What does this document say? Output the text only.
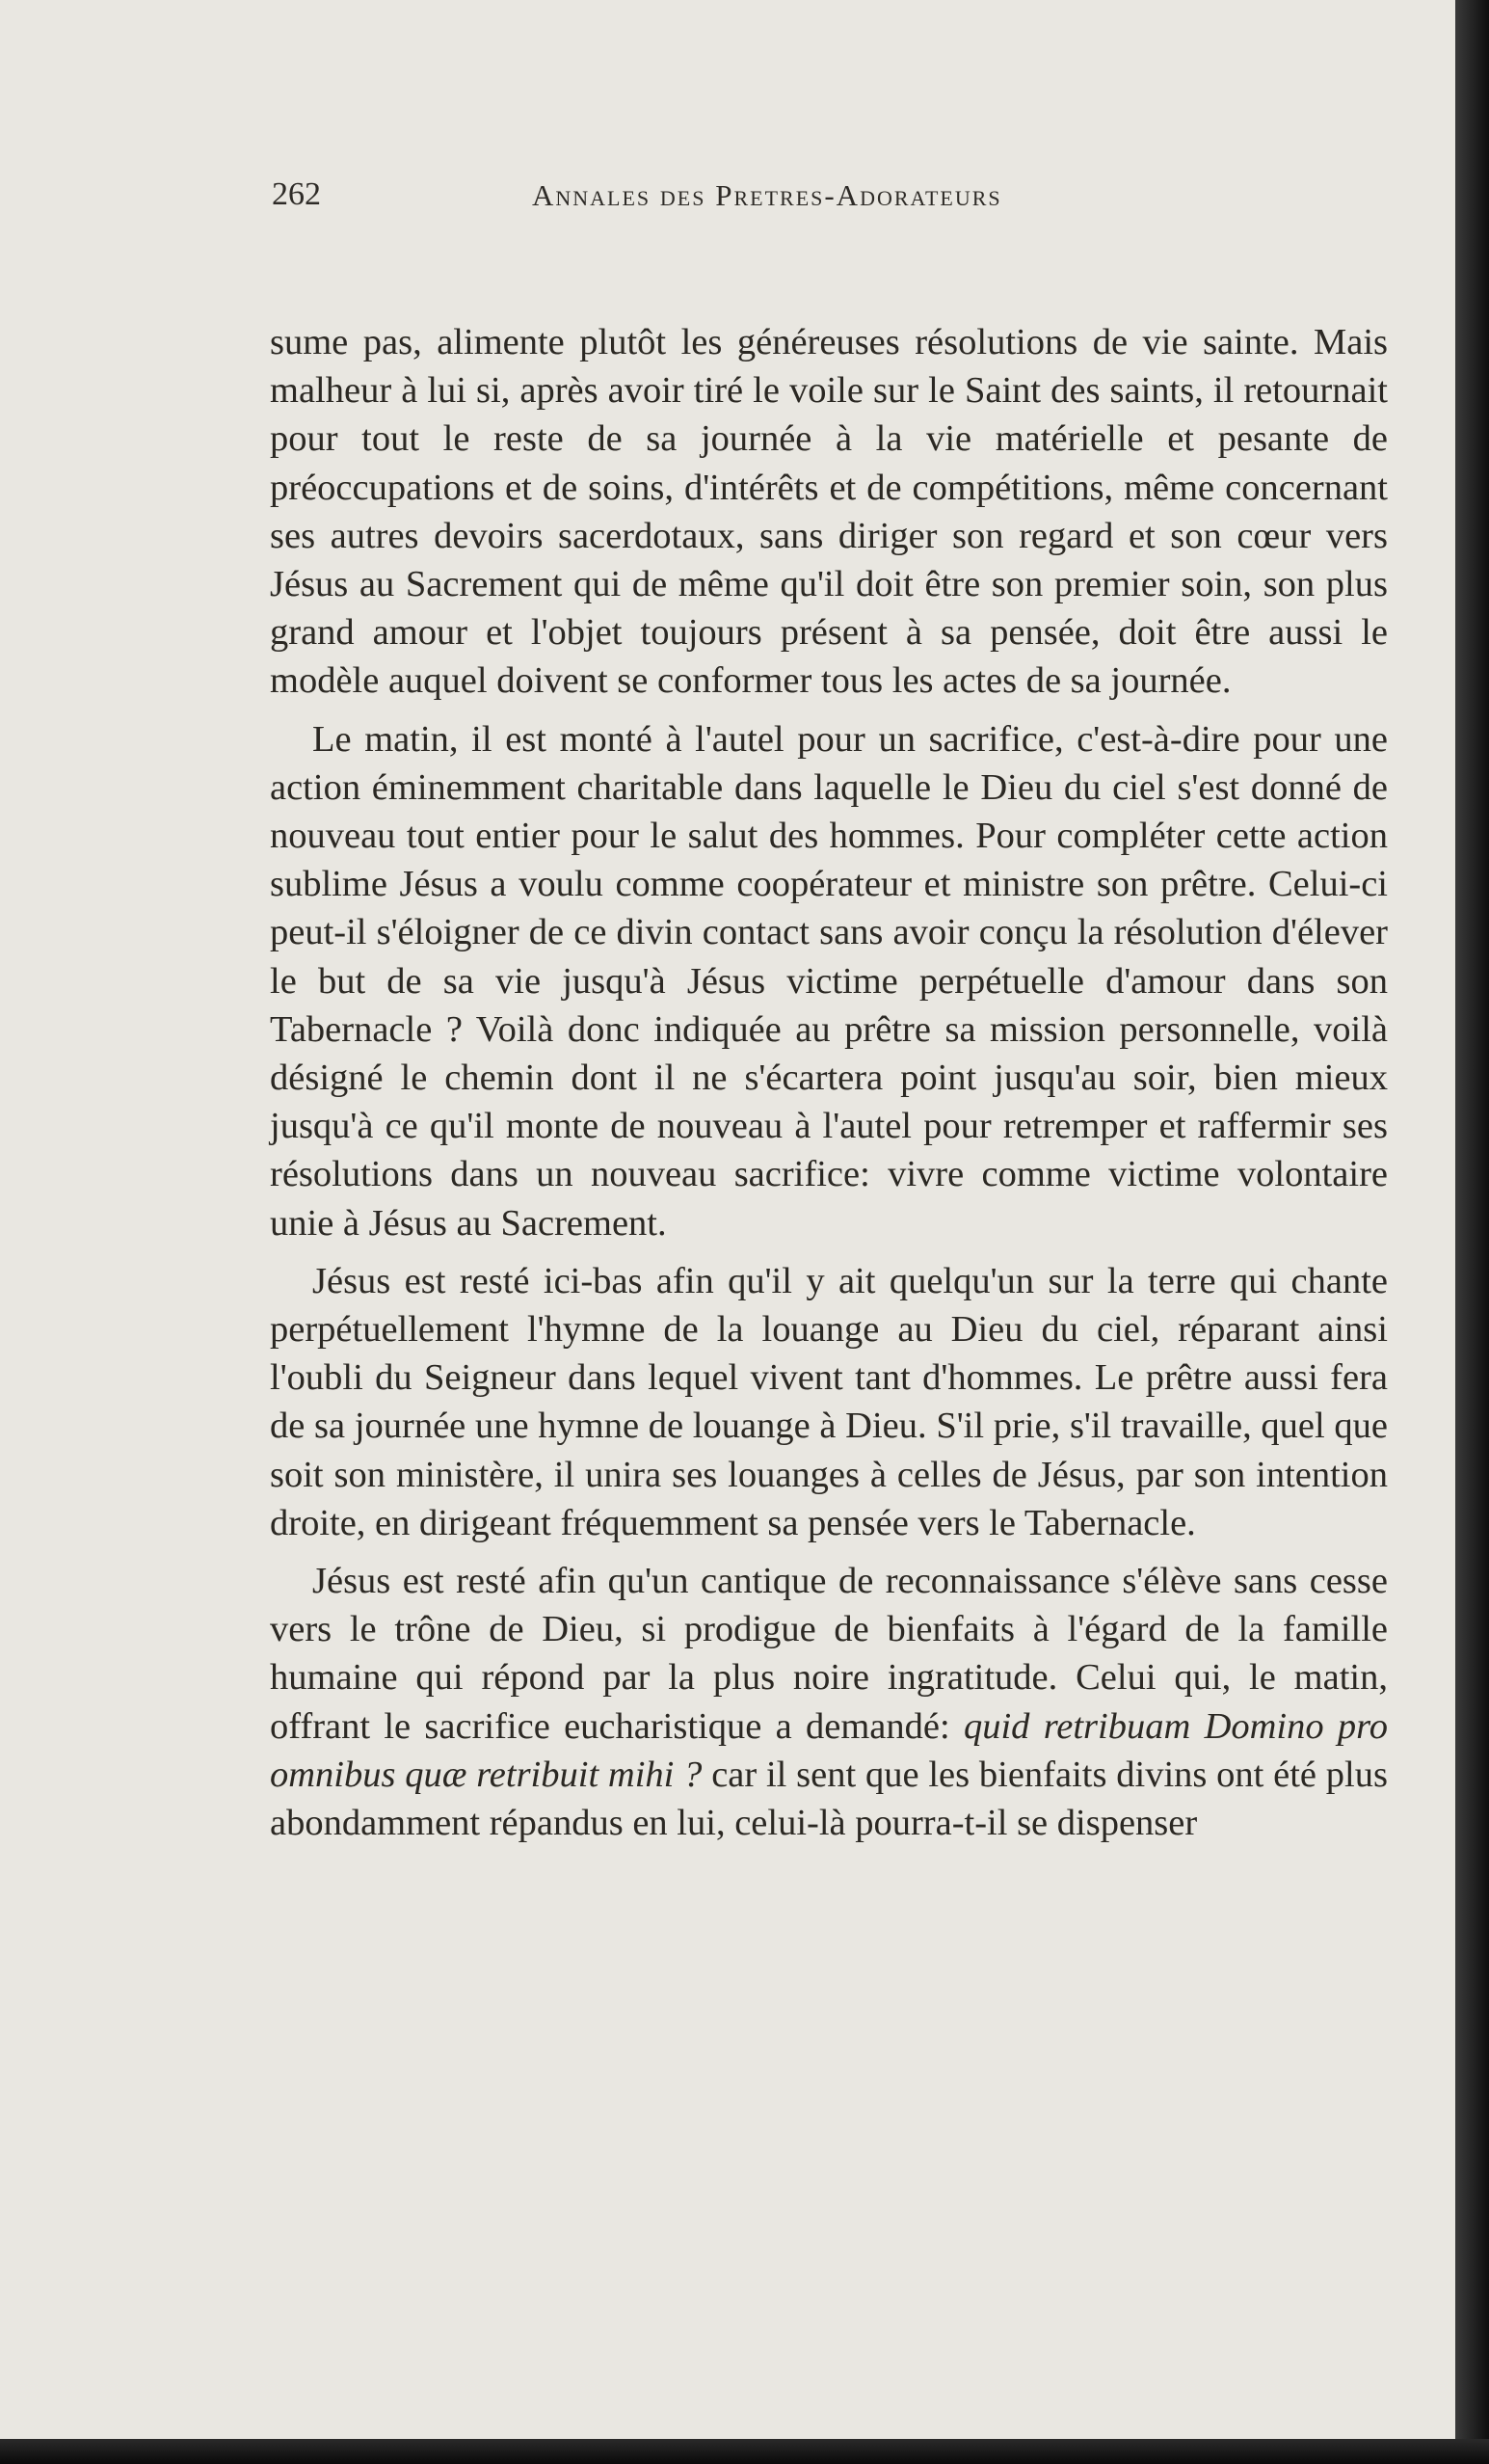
262	Annales des Pretres-Adorateurs

sume pas, alimente plutôt les généreuses résolutions de vie sainte. Mais malheur à lui si, après avoir tiré le voile sur le Saint des saints, il retournait pour tout le reste de sa journée à la vie matérielle et pesante de préoccupations et de soins, d'intérêts et de compétitions, même concernant ses autres devoirs sacerdotaux, sans diriger son regard et son cœur vers Jésus au Sacrement qui de même qu'il doit être son premier soin, son plus grand amour et l'objet toujours présent à sa pensée, doit être aussi le modèle auquel doivent se conformer tous les actes de sa journée.

Le matin, il est monté à l'autel pour un sacrifice, c'est-à-dire pour une action éminemment charitable dans laquelle le Dieu du ciel s'est donné de nouveau tout entier pour le salut des hommes. Pour compléter cette action sublime Jésus a voulu comme coopérateur et ministre son prêtre. Celui-ci peut-il s'éloigner de ce divin contact sans avoir conçu la résolution d'élever le but de sa vie jusqu'à Jésus victime perpétuelle d'amour dans son Tabernacle ? Voilà donc indiquée au prêtre sa mission personnelle, voilà désigné le chemin dont il ne s'écartera point jusqu'au soir, bien mieux jusqu'à ce qu'il monte de nouveau à l'autel pour retremper et raffermir ses résolutions dans un nouveau sacrifice: vivre comme victime volontaire unie à Jésus au Sacrement.

Jésus est resté ici-bas afin qu'il y ait quelqu'un sur la terre qui chante perpétuellement l'hymne de la louange au Dieu du ciel, réparant ainsi l'oubli du Seigneur dans lequel vivent tant d'hommes. Le prêtre aussi fera de sa journée une hymne de louange à Dieu. S'il prie, s'il travaille, quel que soit son ministère, il unira ses louanges à celles de Jésus, par son intention droite, en dirigeant fréquemment sa pensée vers le Tabernacle.

Jésus est resté afin qu'un cantique de reconnaissance s'élève sans cesse vers le trône de Dieu, si prodigue de bienfaits à l'égard de la famille humaine qui répond par la plus noire ingratitude. Celui qui, le matin, offrant le sacrifice eucharistique a demandé: quid retribuam Domino pro omnibus quæ retribuit mihi ? car il sent que les bienfaits divins ont été plus abondamment répandus en lui, celui-là pourra-t-il se dispenser
